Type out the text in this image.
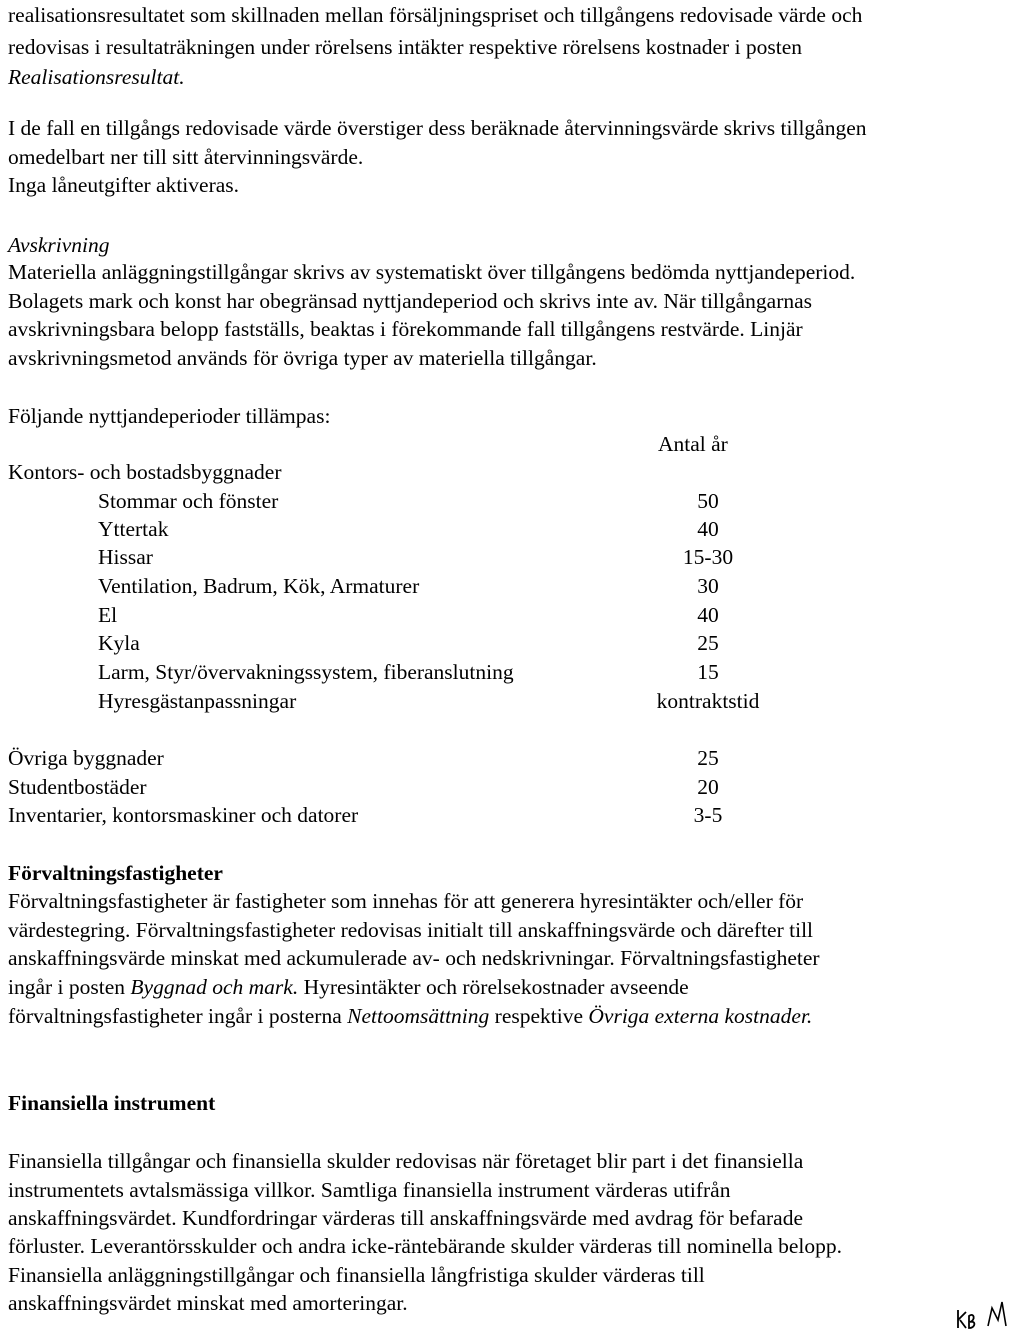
realisationsresultatet som skillnaden mellan försäljningspriset och tillgångens redovisade värde och
redovisas i resultaträkningen under rörelsens intäkter respektive rörelsens kostnader i posten
Realisationsresultat.
I de fall en tillgångs redovisade värde överstiger dess beräknade återvinningsvärde skrivs tillgången
omedelbart ner till sitt återvinningsvärde.
Inga låneutgifter aktiveras.
Avskrivning
Materiella anläggningstillgångar skrivs av systematiskt över tillgångens bedömda nyttjandeperiod.
Bolagets mark och konst har obegränsad nyttjandeperiod och skrivs inte av. När tillgångarnas
avskrivningsbara belopp fastställs, beaktas i förekommande fall tillgångens restvärde. Linjär
avskrivningsmetod används för övriga typer av materiella tillgångar.
Följande nyttjandeperioder tillämpas:
Antal år
Kontors- och bostadsbyggnader
Stommar och fönster	50
Yttertak	40
Hissar	15-30
Ventilation, Badrum, Kök, Armaturer	30
El	40
Kyla	25
Larm, Styr/övervakningssystem, fiberanslutning	15
Hyresgästanpassningar	kontraktstid
Övriga byggnader	25
Studentbostäder	20
Inventarier, kontorsmaskiner och datorer	3-5
Förvaltningsfastigheter
Förvaltningsfastigheter är fastigheter som innehas för att generera hyresintäkter och/eller för
värdestegring. Förvaltningsfastigheter redovisas initialt till anskaffningsvärde och därefter till
anskaffningsvärde minskat med ackumulerade av- och nedskrivningar. Förvaltningsfastigheter
ingår i posten Byggnad och mark. Hyresintäkter och rörelsekostnader avseende
förvaltningsfastigheter ingår i posterna Nettoomsättning respektive Övriga externa kostnader.
Finansiella instrument
Finansiella tillgångar och finansiella skulder redovisas när företaget blir part i det finansiella
instrumentets avtalsmässiga villkor. Samtliga finansiella instrument värderas utifrån
anskaffningsvärdet. Kundfordringar värderas till anskaffningsvärde med avdrag för befarade
förluster. Leverantörsskulder och andra icke-räntebärande skulder värderas till nominella belopp.
Finansiella anläggningstillgångar och finansiella långfristiga skulder värderas till
anskaffningsvärdet minskat med amorteringar.
